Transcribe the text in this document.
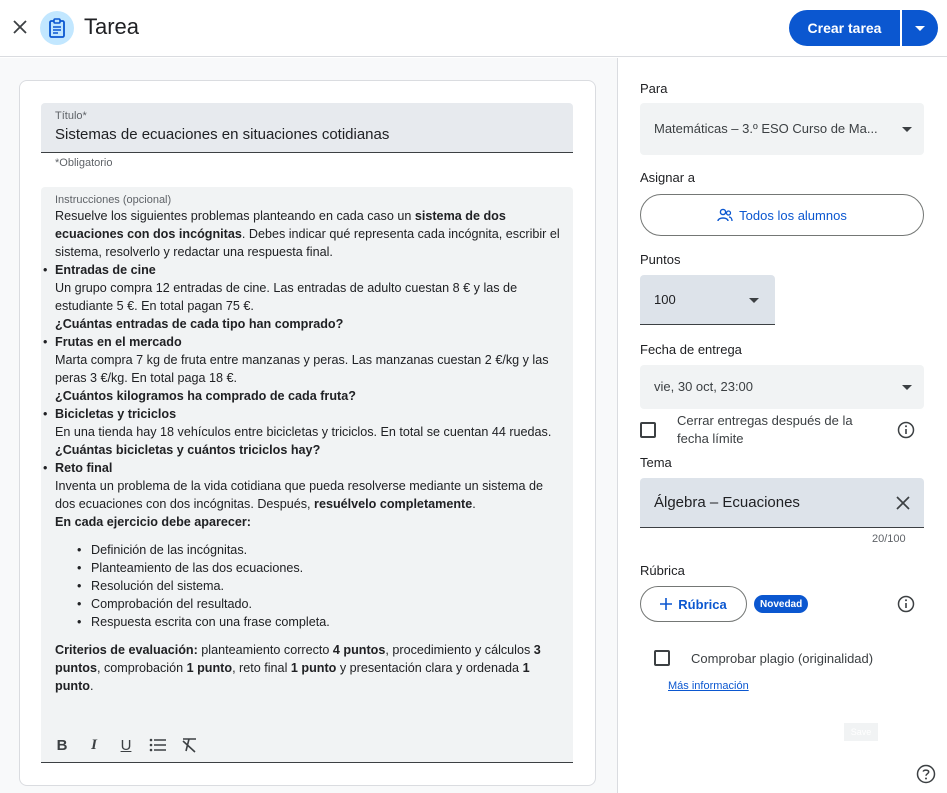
Tarea	Crear tarea
Título*
Sistemas de ecuaciones en situaciones cotidianas
*Obligatorio
Instrucciones (opcional)
Resuelve los siguientes problemas planteando en cada caso un sistema de dos ecuaciones con dos incógnitas. Debes indicar qué representa cada incógnita, escribir el sistema, resolverlo y redactar una respuesta final.
• Entradas de cine
Un grupo compra 12 entradas de cine. Las entradas de adulto cuestan 8 € y las de estudiante 5 €. En total pagan 75 €.
¿Cuántas entradas de cada tipo han comprado?
• Frutas en el mercado
Marta compra 7 kg de fruta entre manzanas y peras. Las manzanas cuestan 2 €/kg y las peras 3 €/kg. En total paga 18 €.
¿Cuántos kilogramos ha comprado de cada fruta?
• Bicicletas y triciclos
En una tienda hay 18 vehículos entre bicicletas y triciclos. En total se cuentan 44 ruedas.
¿Cuántas bicicletas y cuántos triciclos hay?
• Reto final
Inventa un problema de la vida cotidiana que pueda resolverse mediante un sistema de dos ecuaciones con dos incógnitas. Después, resuélvelo completamente.
En cada ejercicio debe aparecer:
• Definición de las incógnitas.
• Planteamiento de las dos ecuaciones.
• Resolución del sistema.
• Comprobación del resultado.
• Respuesta escrita con una frase completa.
Criterios de evaluación: planteamiento correcto 4 puntos, procedimiento y cálculos 3 puntos, comprobación 1 punto, reto final 1 punto y presentación clara y ordenada 1 punto.
B	I	U
Para
Matemáticas – 3.º ESO Curso de Ma...
Asignar a
Todos los alumnos
Puntos
100
Fecha de entrega
vie, 30 oct, 23:00
Cerrar entregas después de la fecha límite
Tema
Álgebra – Ecuaciones
20/100
Rúbrica
Rúbrica	Novedad
Comprobar plagio (originalidad)
Más información
Save
